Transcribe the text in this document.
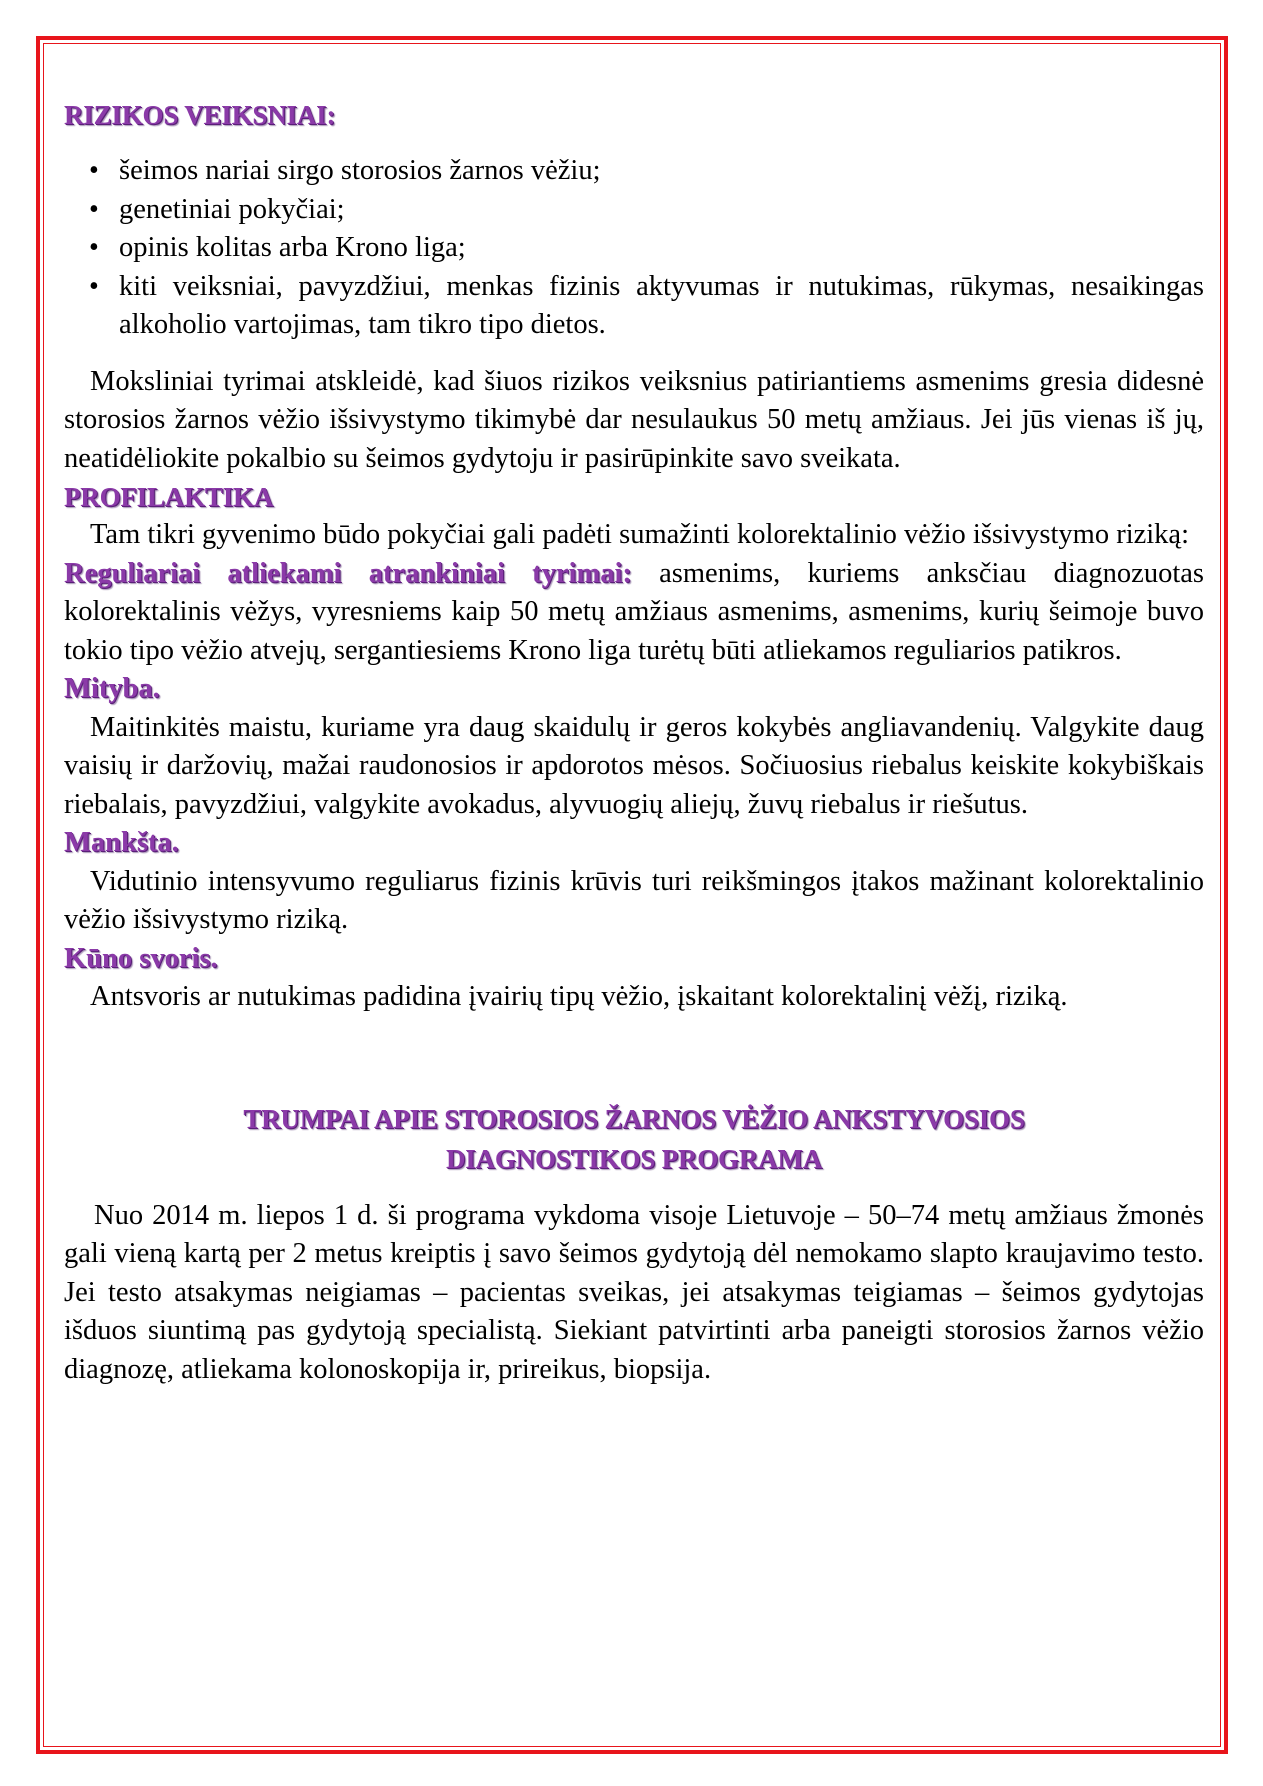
RIZIKOS VEIKSNIAI:
• šeimos nariai sirgo storosios žarnos vėžiu;
• genetiniai pokyčiai;
• opinis kolitas arba Krono liga;
• kiti veiksniai, pavyzdžiui, menkas fizinis aktyvumas ir nutukimas, rūkymas, nesaikingas alkoholio vartojimas, tam tikro tipo dietos.

Moksliniai tyrimai atskleidė, kad šiuos rizikos veiksnius patiriantiems asmenims gresia didesnė storosios žarnos vėžio išsivystymo tikimybė dar nesulaukus 50 metų amžiaus. Jei jūs vienas iš jų, neatidėliokite pokalbio su šeimos gydytoju ir pasirūpinkite savo sveikata.

PROFILAKTIKA

Tam tikri gyvenimo būdo pokyčiai gali padėti sumažinti kolorektalinio vėžio išsivystymo riziką:

Reguliariai atliekami atrankiniai tyrimai: asmenims, kuriems anksčiau diagnozuotas kolorektalinis vėžys, vyresniems kaip 50 metų amžiaus asmenims, asmenims, kurių šeimoje buvo tokio tipo vėžio atvejų, sergantiesiems Krono liga turėtų būti atliekamos reguliarios patikros.

Mityba.

Maitinkitės maistu, kuriame yra daug skaidulų ir geros kokybės angliavandenių. Valgykite daug vaisių ir daržovių, mažai raudonosios ir apdorotos mėsos. Sočiuosius riebalus keiskite kokybiškais riebalais, pavyzdžiui, valgykite avokadus, alyvuogių aliejų, žuvų riebalus ir riešutus.

Mankšta.

Vidutinio intensyvumo reguliarus fizinis krūvis turi reikšmingos įtakos mažinant kolorektalinio vėžio išsivystymo riziką.

Kūno svoris.

Antsvoris ar nutukimas padidina įvairių tipų vėžio, įskaitant kolorektalinį vėžį, riziką.

TRUMPAI APIE STOROSIOS ŽARNOS VĖŽIO ANKSTYVOSIOS
DIAGNOSTIKOS PROGRAMA

Nuo 2014 m. liepos 1 d. ši programa vykdoma visoje Lietuvoje – 50–74 metų amžiaus žmonės gali vieną kartą per 2 metus kreiptis į savo šeimos gydytoją dėl nemokamo slapto kraujavimo testo. Jei testo atsakymas neigiamas – pacientas sveikas, jei atsakymas teigiamas – šeimos gydytojas išduos siuntimą pas gydytoją specialistą. Siekiant patvirtinti arba paneigti storosios žarnos vėžio diagnozę, atliekama kolonoskopija ir, prireikus, biopsija.
